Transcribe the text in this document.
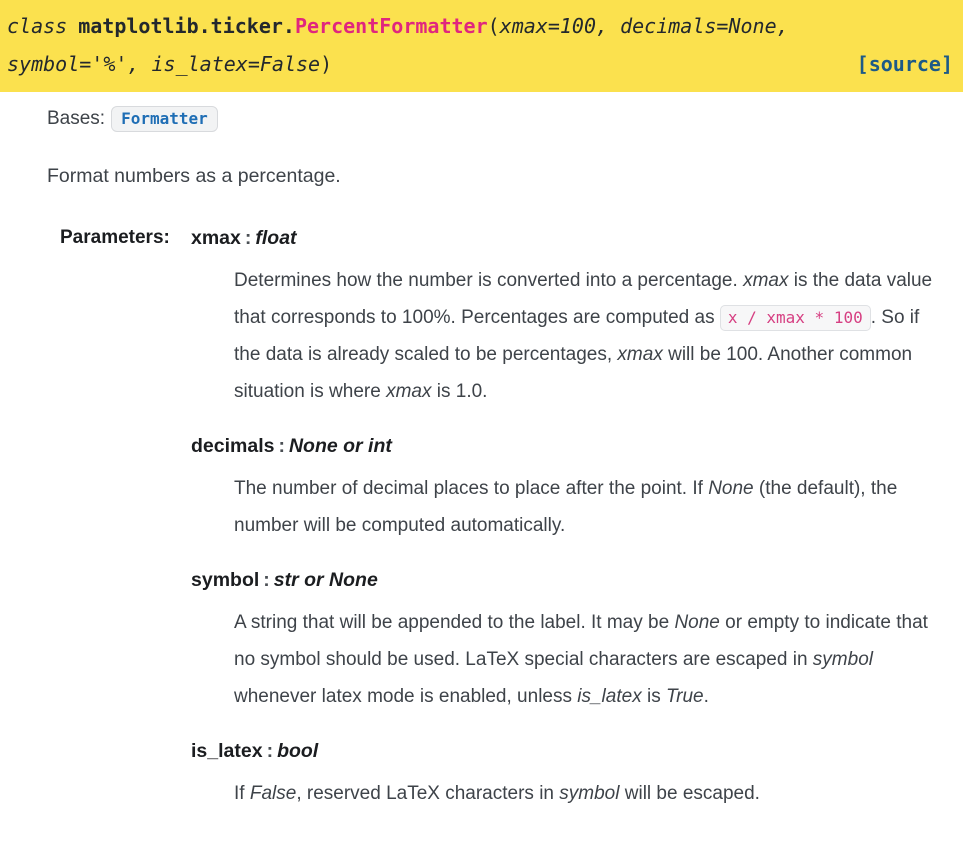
class matplotlib.ticker.PercentFormatter(xmax=100, decimals=None,
symbol='%', is_latex=False)	[source]

Bases: Formatter

Format numbers as a percentage.

Parameters:	xmax : float
Determines how the number is converted into a percentage. xmax is the data value that corresponds to 100%. Percentages are computed as x / xmax * 100 . So if the data is already scaled to be percentages, xmax will be 100. Another common situation is where xmax is 1.0.
decimals : None or int
The number of decimal places to place after the point. If None (the default), the number will be computed automatically.
symbol : str or None
A string that will be appended to the label. It may be None or empty to indicate that no symbol should be used. LaTeX special characters are escaped in symbol whenever latex mode is enabled, unless is_latex is True.
is_latex : bool
If False, reserved LaTeX characters in symbol will be escaped.
